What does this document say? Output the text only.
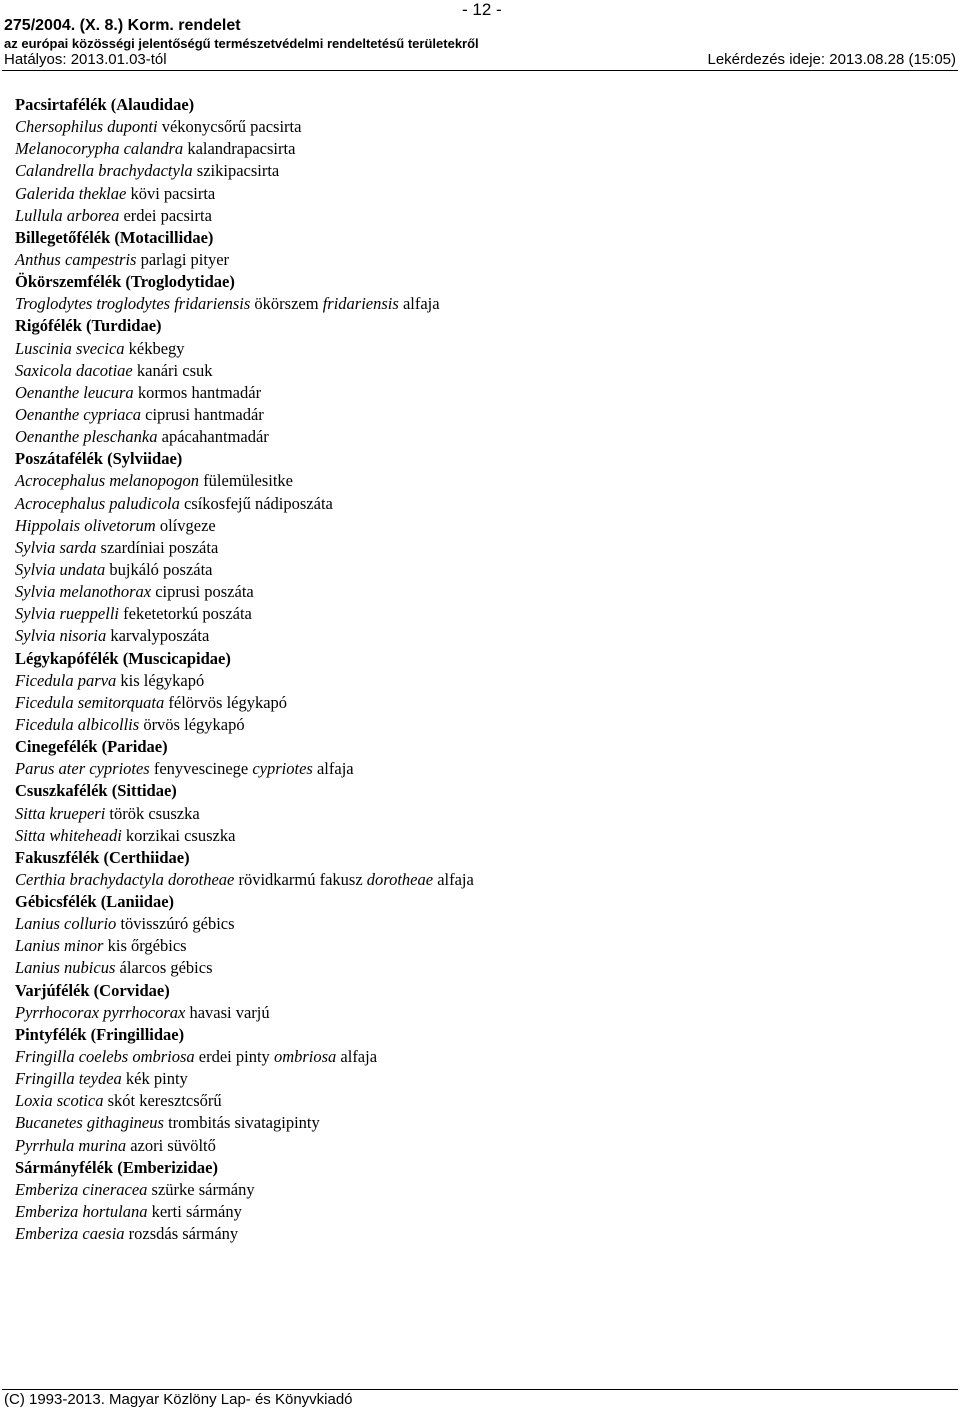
- 12 -
275/2004. (X. 8.) Korm. rendelet
az európai közösségi jelentőségű természetvédelmi rendeltetésű területekről
Hatályos: 2013.01.03-tól	Lekérdezés ideje: 2013.08.28 (15:05)
Pacsirtafélék (Alaudidae)
Chersophilus duponti vékonycsőrű pacsirta
Melanocorypha calandra kalandrapacsirta
Calandrella brachydactyla szikipacsirta
Galerida theklae kövi pacsirta
Lullula arborea erdei pacsirta
Billegetőfélék (Motacillidae)
Anthus campestris parlagi pityer
Ökörszemfélék (Troglodytidae)
Troglodytes troglodytes fridariensis ökörszem fridariensis alfaja
Rigófélék (Turdidae)
Luscinia svecica kékbegy
Saxicola dacotiae kanári csuk
Oenanthe leucura kormos hantmadár
Oenanthe cypriaca ciprusi hantmadár
Oenanthe pleschanka apácahantmadár
Poszátafélék (Sylviidae)
Acrocephalus melanopogon fülemülesitke
Acrocephalus paludicola csíkosfejű nádiposzáta
Hippolais olivetorum olívgeze
Sylvia sarda szardíniai poszáta
Sylvia undata bujkáló poszáta
Sylvia melanothorax ciprusi poszáta
Sylvia rueppelli feketetorkú poszáta
Sylvia nisoria karvalyposzáta
Légykapófélék (Muscicapidae)
Ficedula parva kis légykapó
Ficedula semitorquata félörvös légykapó
Ficedula albicollis örvös légykapó
Cinegefélék (Paridae)
Parus ater cypriotes fenyvescinege cypriotes alfaja
Csuszkafélék (Sittidae)
Sitta krueperi török csuszka
Sitta whiteheadi korzikai csuszka
Fakuszfélék (Certhiidae)
Certhia brachydactyla dorotheae rövidkarmú fakusz dorotheae alfaja
Gébicsfélék (Laniidae)
Lanius collurio tövisszúró gébics
Lanius minor kis őrgébics
Lanius nubicus álarcos gébics
Varjúfélék (Corvidae)
Pyrrhocorax pyrrhocorax havasi varjú
Pintyfélék (Fringillidae)
Fringilla coelebs ombriosa erdei pinty ombriosa alfaja
Fringilla teydea kék pinty
Loxia scotica skót keresztcsőrű
Bucanetes githagineus trombitás sivatagipinty
Pyrrhula murina azori süvöltő
Sármányfélék (Emberizidae)
Emberiza cineracea szürke sármány
Emberiza hortulana kerti sármány
Emberiza caesia rozsdás sármány
(C) 1993-2013. Magyar Közlöny Lap- és Könyvkiadó
